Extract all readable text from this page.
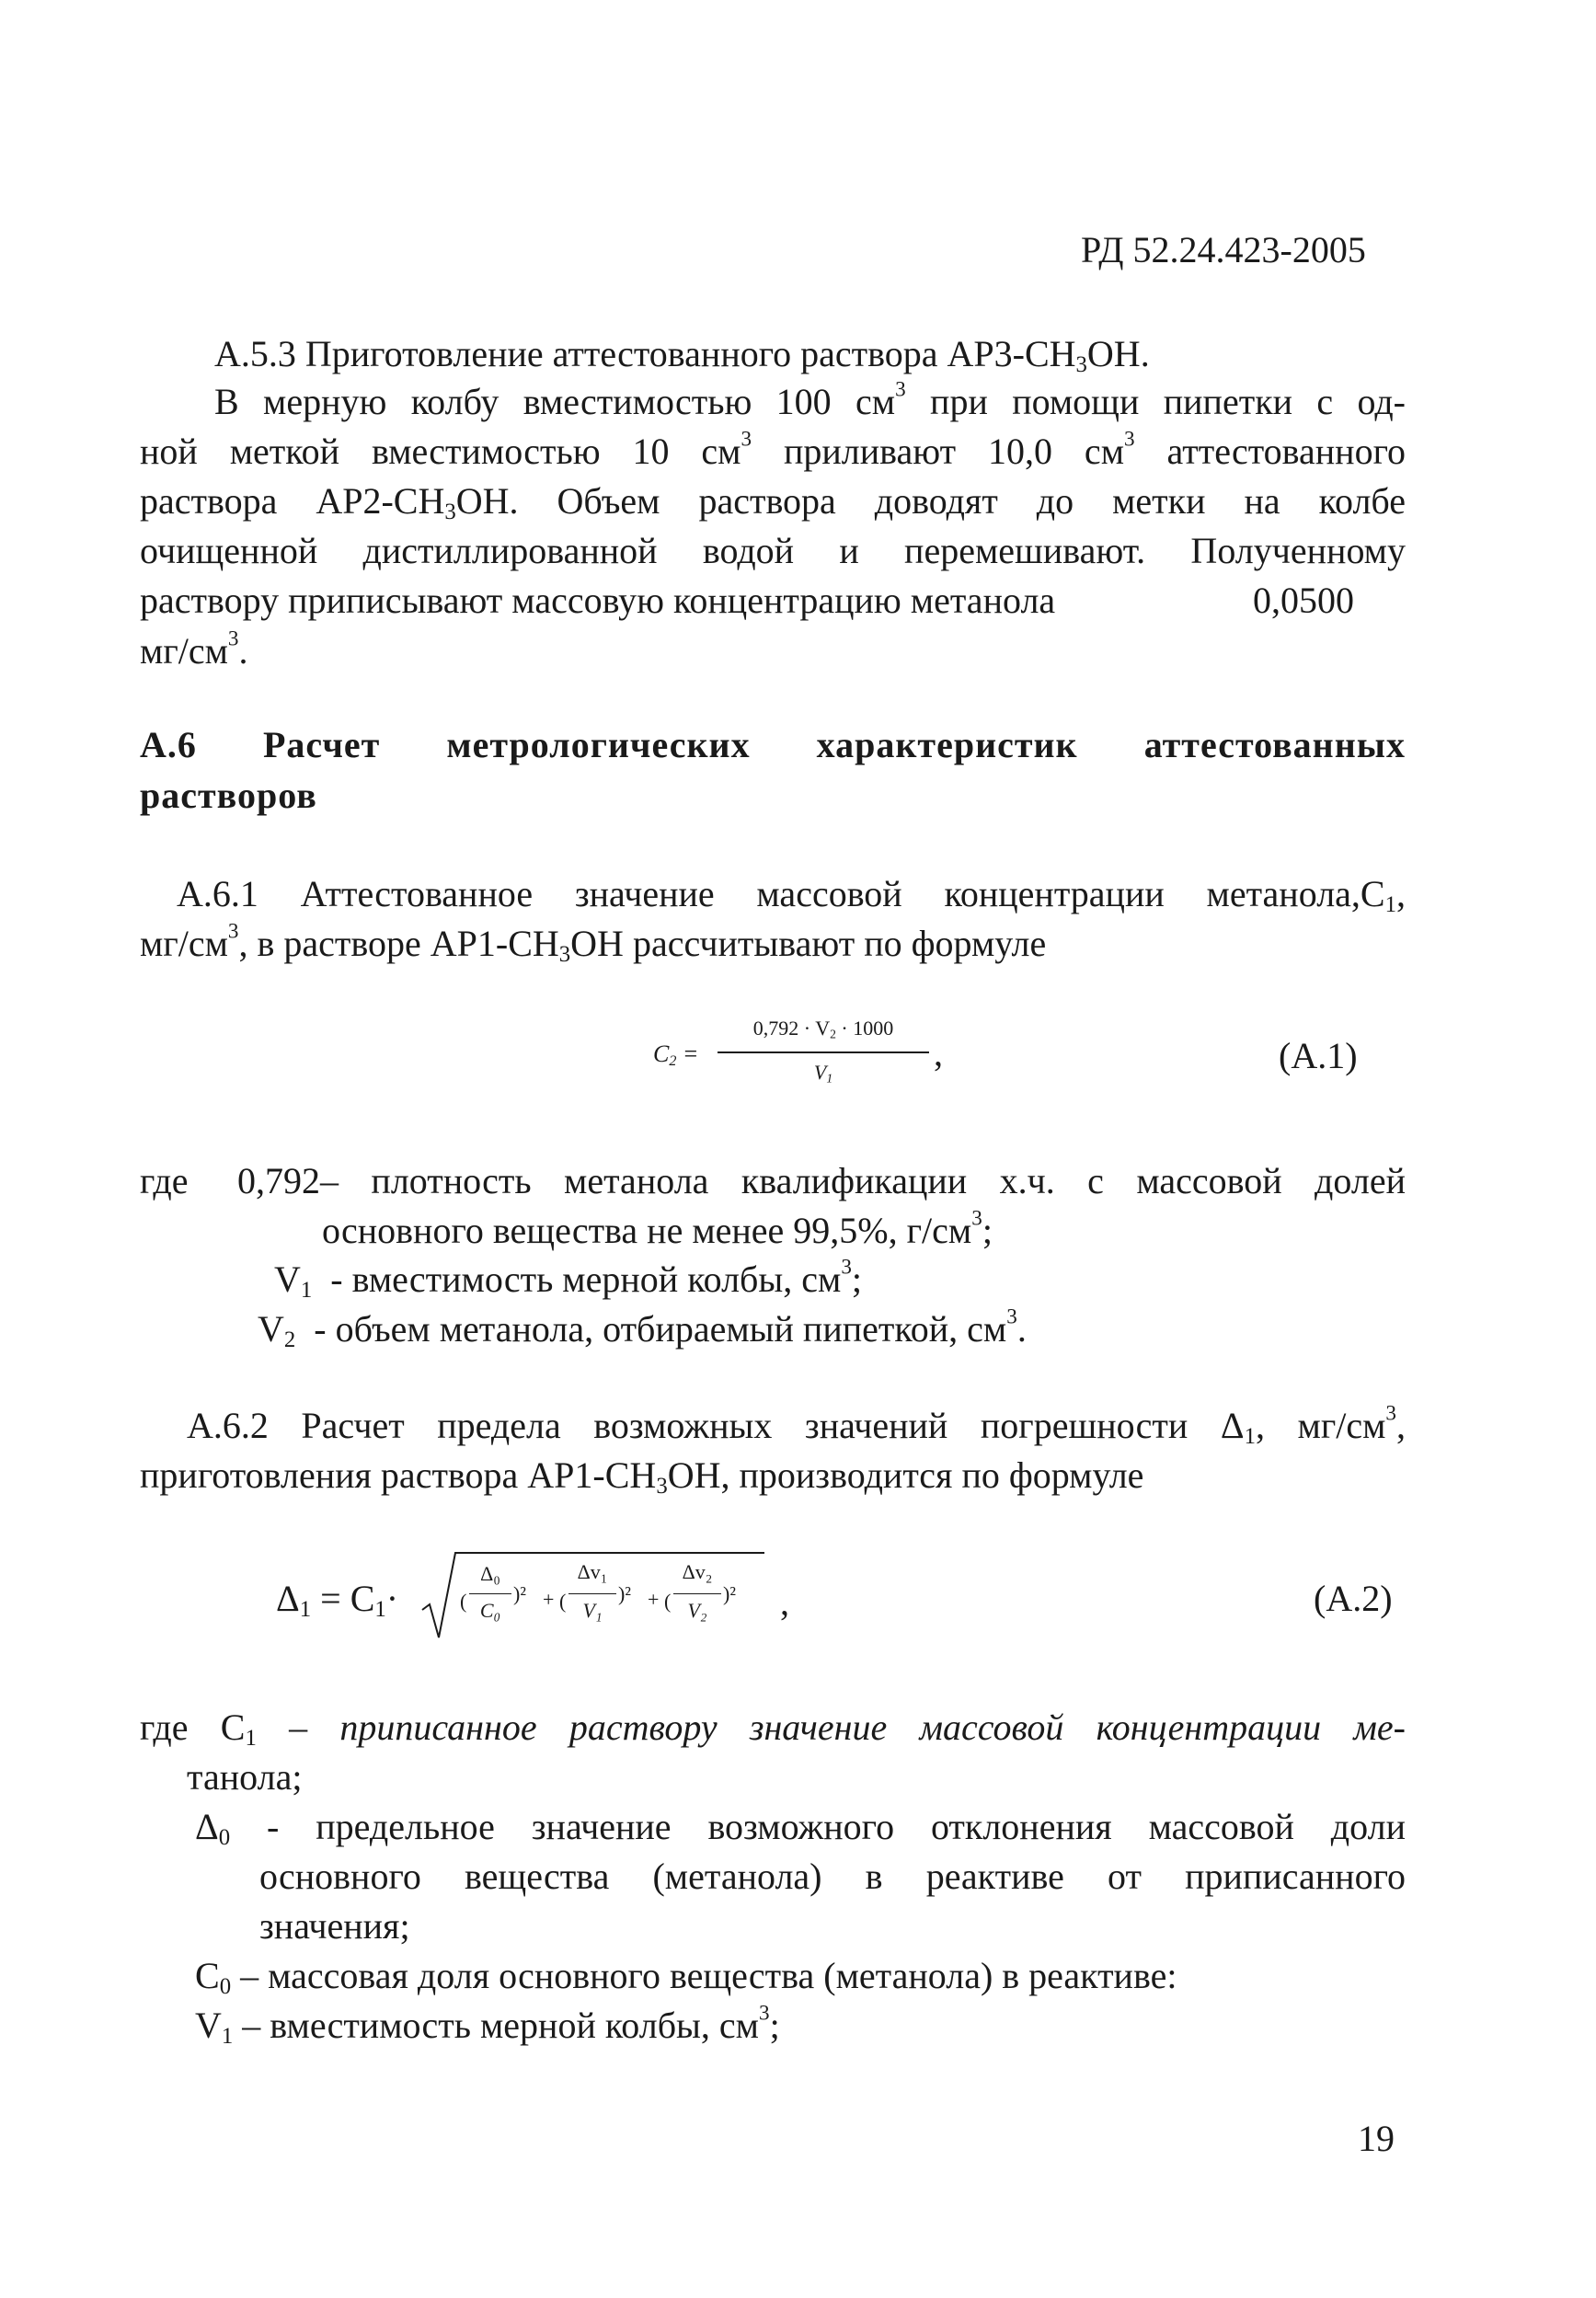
РД 52.24.423-2005
А.5.3 Приготовление аттестованного раствора $АР3-СН_3ОН$.
В мерную колбу вместимостью 100 $см^3$ при помощи пипетки с од-
ной меткой вместимостью 10 $см^3$ приливают 10,0 $см^3$ аттестованного
раствора $АР2-СН_3ОН$. Объем раствора доводят до метки на колбе
очищенной дистиллированной водой и перемешивают. Полученному
раствору приписывают массовую концентрацию метанола	0,0500
$мг/см^3$.
А.6 Расчет метрологических характеристик аттестованных
растворов
А.6.1 Аттестованное значение массовой концентрации $метанола,С_1$,
$мг/см^3$, в растворе $АР1-СН_3ОН$ рассчитывают по формуле
$C_2$ =
$0,792 \cdot V_2 \cdot 1000$
$V_1$
,	(А.1)
где 0,792– плотность метанола квалификации х.ч. с массовой долей
основного вещества не менее 99,5%, $г/см^3$;
$V_1$ - вместимость мерной колбы, $см^3$;
$V_2$ - объем метанола, отбираемый пипеткой, $см^3$.
А.6.2 Расчет предела возможных значений погрешности $\Delta_1$, $мг/см^3$,
приготовления раствора $АР1-СН_3ОН$, производится по формуле
$\Delta_1 = C_1\cdot$	(
Δ₀
C₀
)² + (
Δv₁
V₁
)² + (
Δv₂
V₂
)² ,	(А.2)
где $С_1$ – приписанное раствору значение массовой концентрации ме-
танола;
$\Delta_0$ - предельное значение возможного отклонения массовой доли
основного вещества (метанола) в реактиве от приписанного
значения;
$С_0$ – массовая доля основного вещества (метанола) в реактиве:
$V_1$ – вместимость мерной колбы, $см^3$;
19
